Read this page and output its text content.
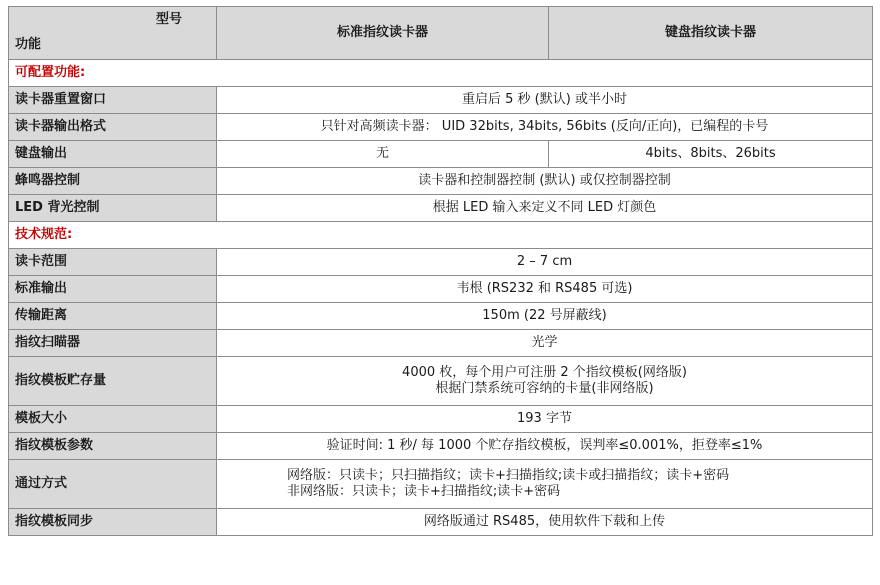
型号
功能	标准指纹读卡器	键盘指纹读卡器
可配置功能:		
读卡器重置窗口	重启后 5 秒 (默认) 或半小时	
读卡器输出格式	只针对高频读卡器： UID 32bits, 34bits, 56bits (反向/正向)，已编程的卡号	
键盘输出	无	4bits、8bits、26bits
蜂鸣器控制	读卡器和控制器控制 (默认) 或仅控制器控制	
LED 背光控制	根据 LED 输入来定义不同 LED 灯颜色	
技术规范:		
读卡范围	2 – 7 cm	
标准输出	韦根 (RS232 和 RS485 可选)	
传输距离	150m (22 号屏蔽线)	
指纹扫瞄器	光学	
指纹模板贮存量	4000 枚，每个用户可注册 2 个指纹模板(网络版)
根据门禁系统可容纳的卡量(非网络版)	

模板大小	193 字节	
指纹模板参数	验证时间: 1 秒/ 每 1000 个贮存指纹模板，误判率≤0.001%，拒登率≤1%	
通过方式	网络版：只读卡；只扫描指纹；读卡+扫描指纹;读卡或扫描指纹；读卡+密码
非网络版：只读卡；读卡+扫描指纹;读卡+密码	

指纹模板同步	网络版通过 RS485，使用软件下载和上传	
